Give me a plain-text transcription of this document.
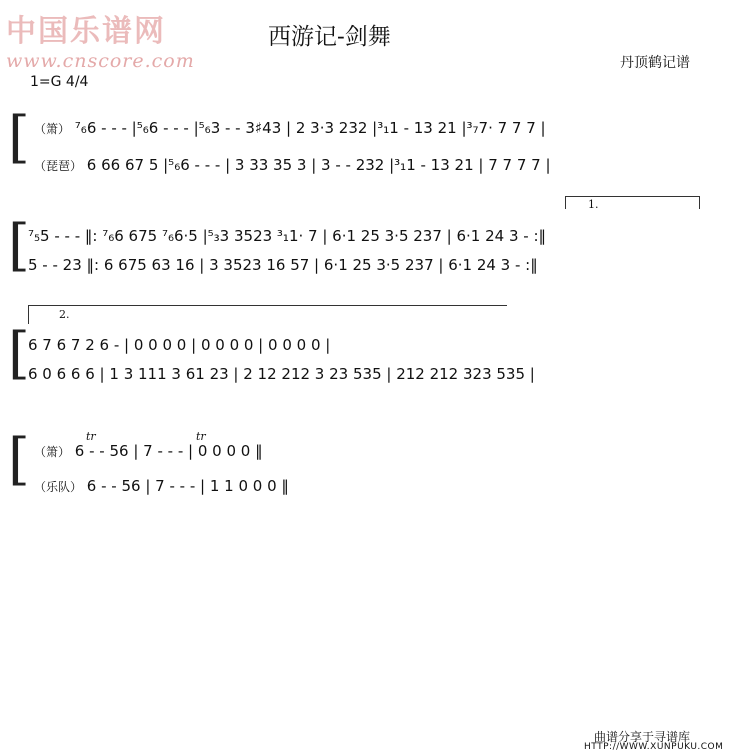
中国乐谱网
www.cnscore.com
西游记-剑舞
丹顶鹤记谱
1=G 4/4
[ （箫） ⁷₆6 - - - |⁵₆6 - - - |⁵₆3 - - 3♯43 | 2 3·3 232 |³₁1 - 13 21 |³₇7· 7 7 7 |
（琵琶） 6 66 67 5 |⁵₆6 - - - | 3 33 35 3 | 3 - - 232 |³₁1 - 13 21 | 7 7 7 7 |
1.
[
⁷₅5 - - - ‖: ⁷₆6 675 ⁷₆6·5 |⁵₃3 3523 ³₁1· 7 | 6·1 25 3·5 237 | 6·1 24 3 - :‖
5 - - 23 ‖: 6 675 63 16 | 3 3523 16 57 | 6·1 25 3·5 237 | 6·1 24 3 - :‖
2.
[
6 7 6 7 2 6 - | 0 0 0 0 | 0 0 0 0 | 0 0 0 0 |
6 0 6 6 6 | 1 3 111 3 61 23 | 2 12 212 3 23 535 | 212 212 323 535 |
tr	tr
[ （箫） 6 - - 56 | 7 - - - | 0 0 0 0 ‖
（乐队） 6 - - 56 | 7 - - - | 1 1 0 0 0 ‖
曲谱分享于寻谱库
HTTP://WWW.XUNPUKU.COM
